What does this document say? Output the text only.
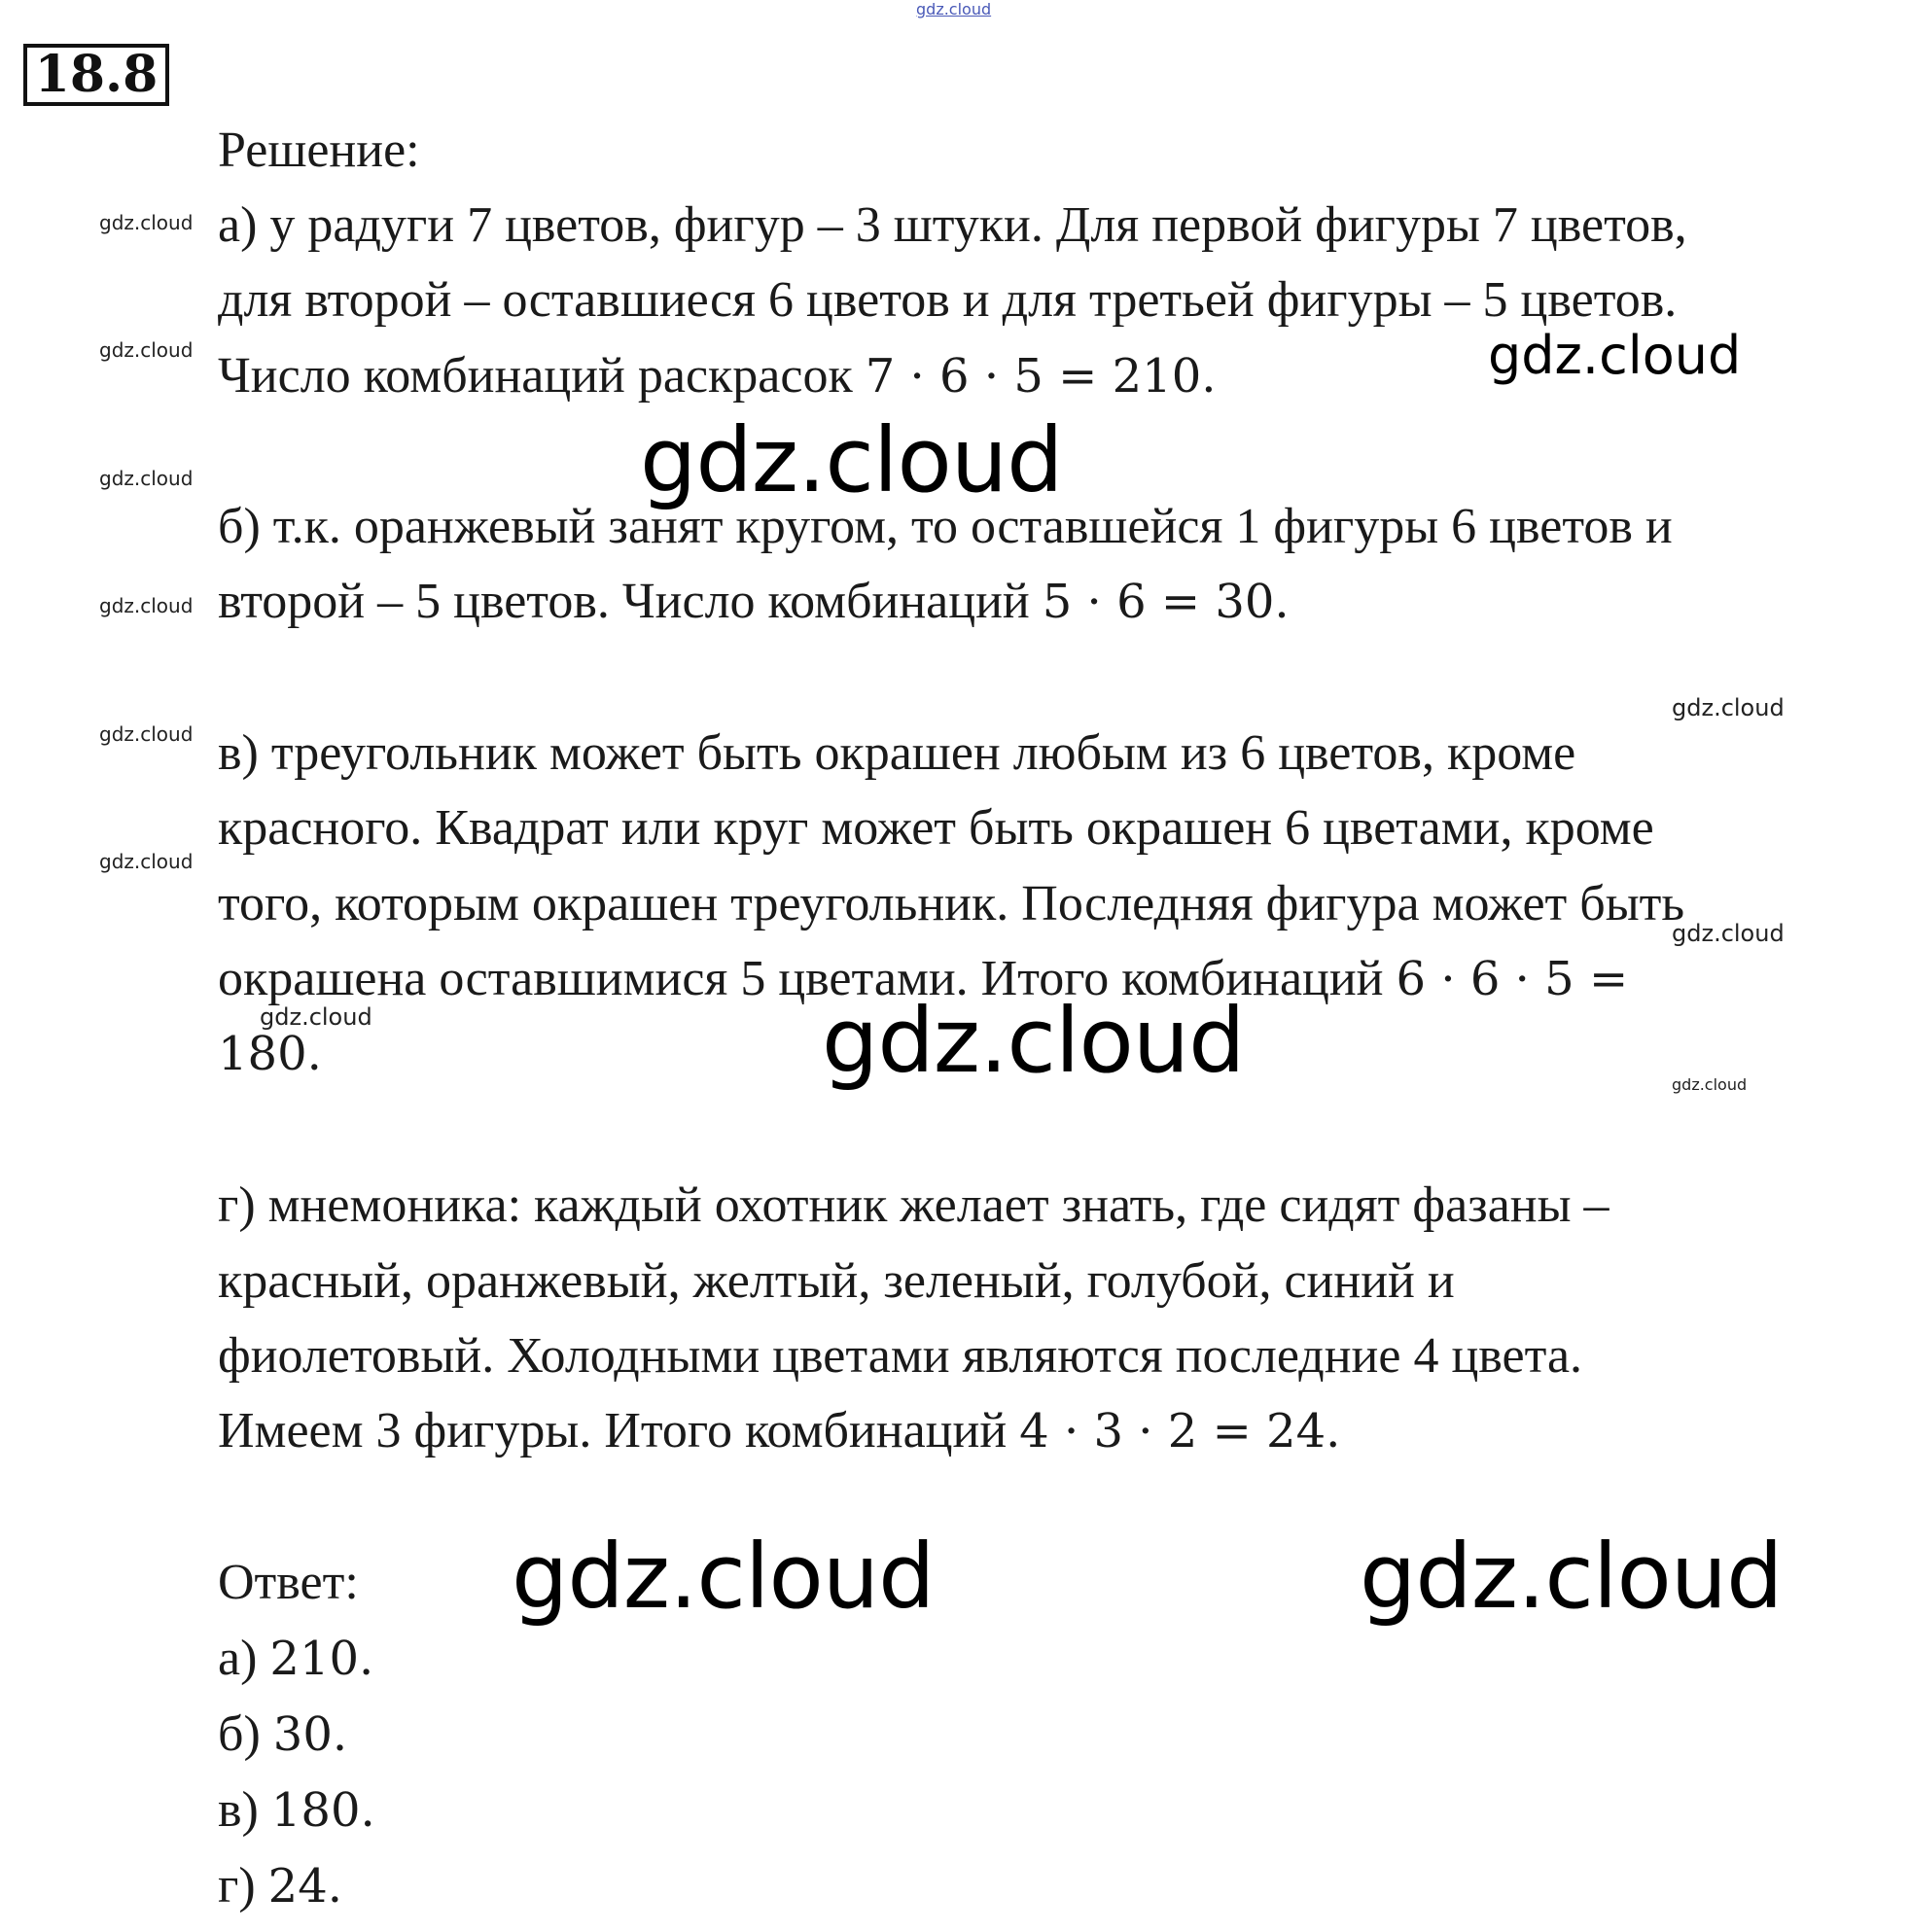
18.8
Решение:
а) у радуги 7 цветов, фигур – 3 штуки. Для первой фигуры 7 цветов,
для второй – оставшиеся 6 цветов и для третьей фигуры – 5 цветов.
Число комбинаций раскрасок 7 · 6 · 5 = 210.
б) т.к. оранжевый занят кругом, то оставшейся 1 фигуры 6 цветов и
второй – 5 цветов. Число комбинаций 5 · 6 = 30.
в) треугольник может быть окрашен любым из 6 цветов, кроме
красного. Квадрат или круг может быть окрашен 6 цветами, кроме
того, которым окрашен треугольник. Последняя фигура может быть
окрашена оставшимися 5 цветами. Итого комбинаций 6 · 6 · 5 =
180.
г) мнемоника: каждый охотник желает знать, где сидят фазаны –
красный, оранжевый, желтый, зеленый, голубой, синий и
фиолетовый. Холодными цветами являются последние 4 цвета.
Имеем 3 фигуры. Итого комбинаций 4 · 3 · 2 = 24.
Ответ:
а) 210.
б) 30.
в) 180.
г) 24.
gdz.cloud
gdz.cloud
gdz.cloud
gdz.cloud
gdz.cloud
gdz.cloud
gdz.cloud
gdz.cloud
gdz.cloud
gdz.cloud
gdz.cloud
gdz.cloud
gdz.cloud
gdz.cloud
gdz.cloud	gdz.cloud
